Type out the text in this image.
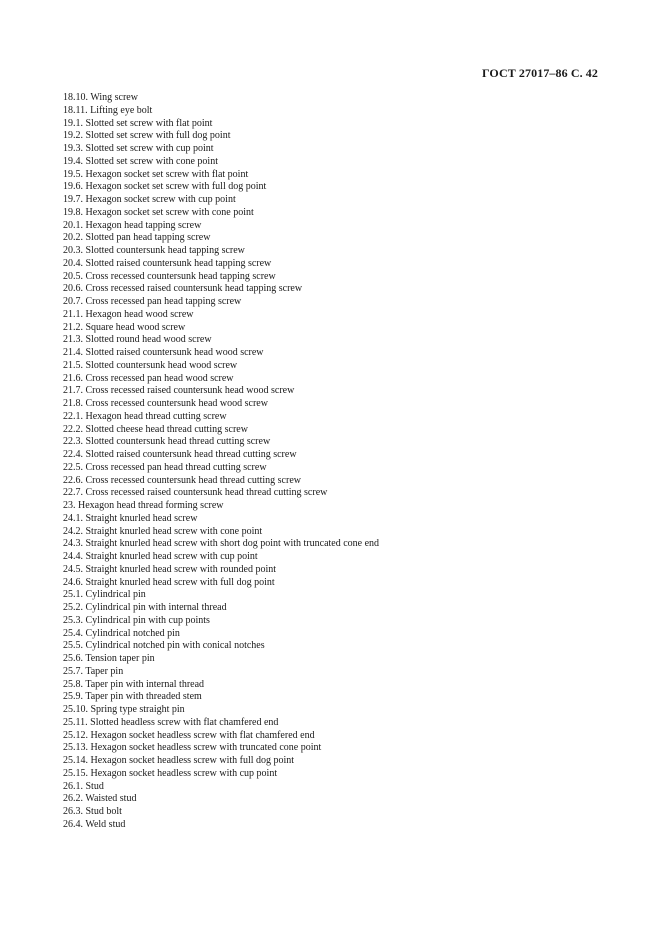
ГОСТ 27017–86 С. 42
18.10. Wing screw
18.11. Lifting eye bolt
19.1. Slotted set screw with flat point
19.2. Slotted set screw with full dog point
19.3. Slotted set screw with cup point
19.4. Slotted set screw with cone point
19.5. Hexagon socket set screw with flat point
19.6. Hexagon socket set screw with full dog point
19.7. Hexagon socket screw with cup point
19.8. Hexagon socket set screw with cone point
20.1. Hexagon head tapping screw
20.2. Slotted pan head tapping screw
20.3. Slotted countersunk head tapping screw
20.4. Slotted raised countersunk head tapping screw
20.5. Cross recessed countersunk head tapping screw
20.6. Cross recessed raised countersunk head tapping screw
20.7. Cross recessed pan head tapping screw
21.1. Hexagon head wood screw
21.2. Square head wood screw
21.3. Slotted round head wood screw
21.4. Slotted raised countersunk head wood screw
21.5. Slotted countersunk head wood screw
21.6. Cross recessed pan head wood screw
21.7. Cross recessed raised countersunk head wood screw
21.8. Cross recessed countersunk head wood screw
22.1. Hexagon head thread cutting screw
22.2. Slotted cheese head thread cutting screw
22.3. Slotted countersunk head thread cutting screw
22.4. Slotted raised countersunk head thread cutting screw
22.5. Cross recessed pan head thread cutting screw
22.6. Cross recessed countersunk head thread cutting screw
22.7. Cross recessed raised countersunk head thread cutting screw
23. Hexagon head thread forming screw
24.1. Straight knurled head screw
24.2. Straight knurled head screw with cone point
24.3. Straight knurled head screw with short dog point with truncated cone end
24.4. Straight knurled head screw with cup point
24.5. Straight knurled head screw with rounded point
24.6. Straight knurled head screw with full dog point
25.1. Cylindrical pin
25.2. Cylindrical pin with internal thread
25.3. Cylindrical pin with cup points
25.4. Cylindrical notched pin
25.5. Cylindrical notched pin with conical notches
25.6. Tension taper pin
25.7. Taper pin
25.8. Taper pin with internal thread
25.9. Taper pin with threaded stem
25.10. Spring type straight pin
25.11. Slotted headless screw with flat chamfered end
25.12. Hexagon socket headless screw with flat chamfered end
25.13. Hexagon socket headless screw with truncated cone point
25.14. Hexagon socket headless screw with full dog point
25.15. Hexagon socket headless screw with cup point
26.1. Stud
26.2. Waisted stud
26.3. Stud bolt
26.4. Weld stud
